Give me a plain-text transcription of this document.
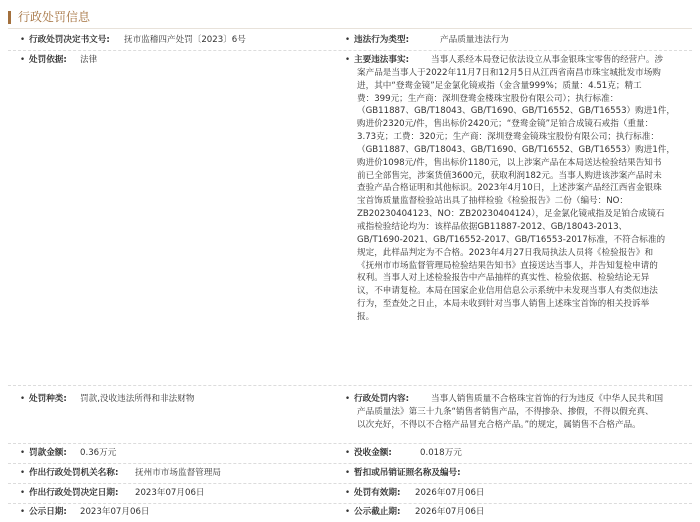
行政处罚信息
• 行政处罚决定书文号: 抚市监稽四产处罚〔2023〕6号	• 违法行为类型:	产品质量违法行为
• 处罚依据: 法律	• 主要违法事实:	当事人系经本局登记依法设立从事金银珠宝零售的经营户。涉
案产品是当事人于2022年11月7日和12月5日从江西省南昌市珠宝城批发市场购
进，其中“登鸯金镜”足金氯化镜戒指（金含量999%；质量：4.51克；精工
费：399元；生产商：深圳登鸯金楼珠宝股份有限公司）；执行标准：
（GB11887、GB/T18043、GB/T1690、GB/T16552、GB/T16553）购进1件，
购进价2320元/件，售出标价2420元；“登鸯金镜”足铂合成镜石戒指（重量：
3.73克；工费：320元；生产商：深圳登鸯金镜珠宝股份有限公司；执行标准：
（GB11887、GB/T18043、GB/T1690、GB/T16552、GB/T16553）购进1件，
购进价1098元/件，售出标价1180元，以上涉案产品在本局送达检验结果告知书
前已全部售完，涉案货值3600元，获取利润182元。当事人购进该涉案产品时未
查验产品合格证明和其他标识。2023年4月10日，上述涉案产品经江西省金银珠
宝首饰质量监督检验站出具了抽样检验《检验报告》二份（编号：NO：
ZB20230404123、NO：ZB20230404124），足金氯化镜戒指及足铂合成镜石
戒指检验结论均为：该样品依据GB11887-2012、GB/18043-2013、
GB/T1690-2021、GB/T16552-2017、GB/T16553-2017标准，不符合标准的
规定，此样品判定为不合格。2023年4月27日我局执法人员将《检验报告》和
《抚州市市场监督管理局检验结果告知书》直接送达当事人，并告知复检申请的
权利。当事人对上述检验报告中产品抽样的真实性、检验依据、检验结论无异
议，不申请复检。本局在国家企业信用信息公示系统中未发现当事人有类似违法
行为，至查处之日止，本局未收到针对当事人销售上述珠宝首饰的相关投诉举
报。
• 处罚种类: 罚款,没收违法所得和非法财物	• 行政处罚内容:	当事人销售质量不合格珠宝首饰的行为违反《中华人民共和国
产品质量法》第三十九条“销售者销售产品，不得掺杂、掺假，不得以假充真、
以次充好，不得以不合格产品冒充合格产品。”的规定，属销售不合格产品。
• 罚款金额: 0.36万元	• 没收金额:	0.018万元
• 作出行政处罚机关名称: 抚州市市场监督管理局	• 暂扣或吊销证照名称及编号:
• 作出行政处罚决定日期: 2023年07月06日	• 处罚有效期: 2026年07月06日
• 公示日期: 2023年07月06日	• 公示截止期: 2026年07月06日
